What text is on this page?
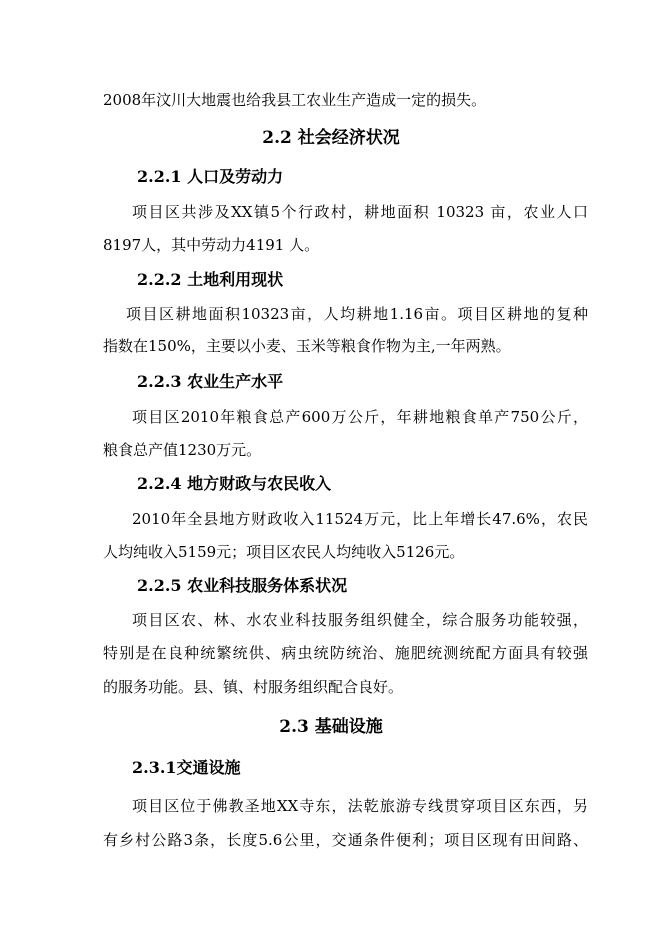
2008年汶川大地震也给我县工农业生产造成一定的损失。
2.2 社会经济状况
2.2.1 人口及劳动力
项目区共涉及XX镇5个行政村，耕地面积 10323 亩，农业人口
8197人，其中劳动力4191 人。
2.2.2 土地利用现状
项目区耕地面积10323亩，人均耕地1.16亩。项目区耕地的复种
指数在150%，主要以小麦、玉米等粮食作物为主,一年两熟。
2.2.3 农业生产水平
项目区2010年粮食总产600万公斤，年耕地粮食单产750公斤，
粮食总产值1230万元。
2.2.4 地方财政与农民收入
2010年全县地方财政收入11524万元，比上年增长47.6%，农民
人均纯收入5159元；项目区农民人均纯收入5126元。
2.2.5 农业科技服务体系状况
项目区农、林、水农业科技服务组织健全，综合服务功能较强，
特别是在良种统繁统供、病虫统防统治、施肥统测统配方面具有较强
的服务功能。县、镇、村服务组织配合良好。
2.3 基础设施
2.3.1交通设施
项目区位于佛教圣地XX寺东，法乾旅游专线贯穿项目区东西，另
有乡村公路3条，长度5.6公里，交通条件便利；项目区现有田间路、
